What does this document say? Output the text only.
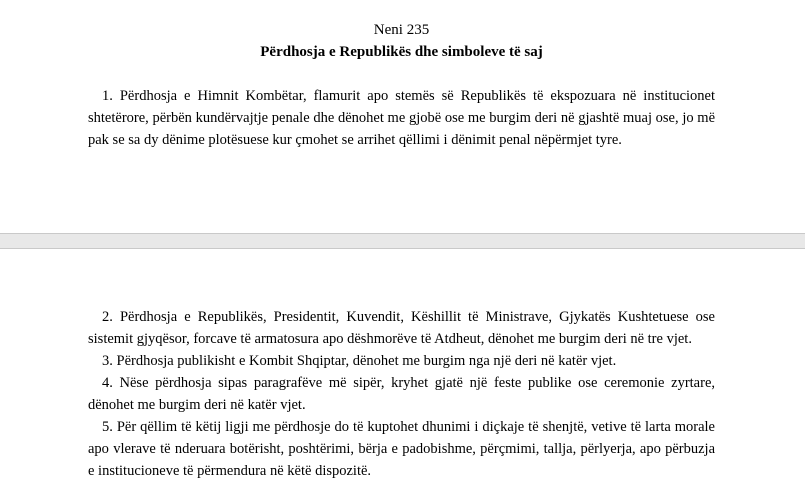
Neni 235

Përdhosja e Republikës dhe simboleve të saj

1. Përdhosja e Himnit Kombëtar, flamurit apo stemës së Republikës të ekspozuara në institucionet shtetërore, përbën kundërvajtje penale dhe dënohet me gjobë ose me burgim deri në gjashtë muaj ose, jo më pak se sa dy dënime plotësuese kur çmohet se arrihet qëllimi i dënimit penal nëpërmjet tyre.

2. Përdhosja e Republikës, Presidentit, Kuvendit, Këshillit të Ministrave, Gjykatës Kushtetuese ose sistemit gjyqësor, forcave të armatosura apo dëshmorëve të Atdheut, dënohet me burgim deri në tre vjet.

3. Përdhosja publikisht e Kombit Shqiptar, dënohet me burgim nga një deri në katër vjet.

4. Nëse përdhosja sipas paragrafëve më sipër, kryhet gjatë një feste publike ose ceremonie zyrtare, dënohet me burgim deri në katër vjet.

5. Për qëllim të këtij ligji me përdhosje do të kuptohet dhunimi i diçkaje të shenjtë, vetive të larta morale apo vlerave të nderuara botërisht, poshtërimi, bërja e padobishme, përçmimi, tallja, përlyerja, apo përbuzja e institucioneve të përmendura në këtë dispozitë.
